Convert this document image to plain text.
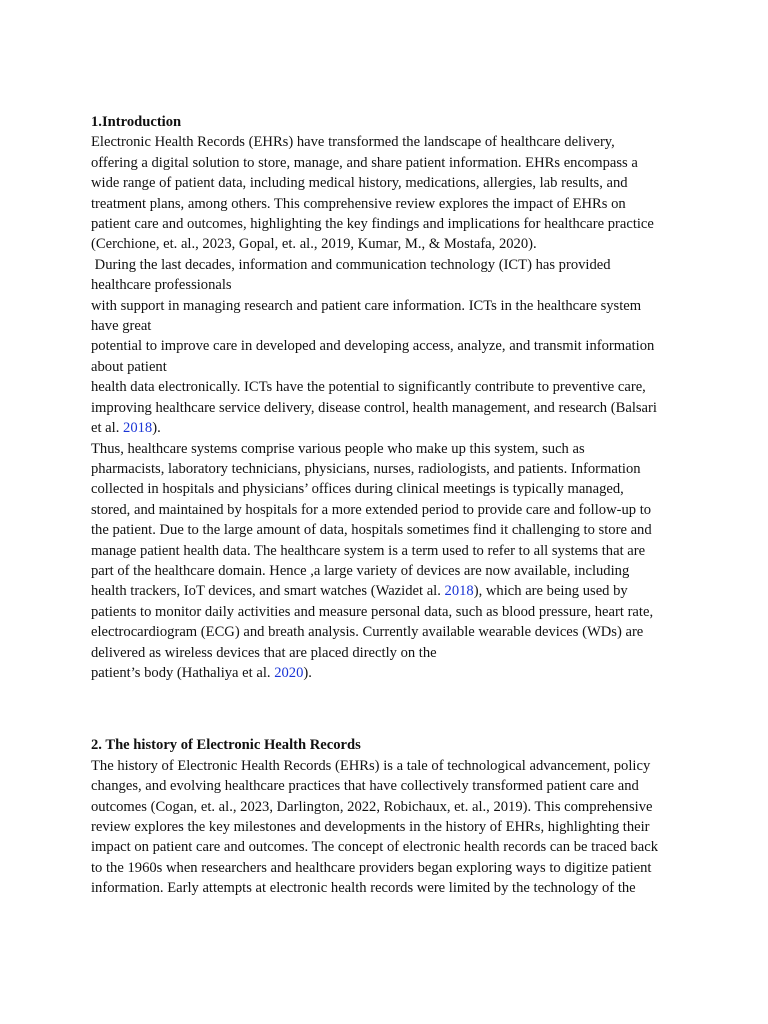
1.Introduction
Electronic Health Records (EHRs) have transformed the landscape of healthcare delivery,
offering a digital solution to store, manage, and share patient information. EHRs encompass a
wide range of patient data, including medical history, medications, allergies, lab results, and
treatment plans, among others. This comprehensive review explores the impact of EHRs on
patient care and outcomes, highlighting the key findings and implications for healthcare practice
(Cerchione, et. al., 2023, Gopal, et. al., 2019, Kumar, M., & Mostafa, 2020).
During the last decades, information and communication technology (ICT) has provided
healthcare professionals
with support in managing research and patient care information. ICTs in the healthcare system
have great
potential to improve care in developed and developing access, analyze, and transmit information
about patient
health data electronically. ICTs have the potential to significantly contribute to preventive care,
improving healthcare service delivery, disease control, health management, and research (Balsari
et al. 2018).
Thus, healthcare systems comprise various people who make up this system, such as
pharmacists, laboratory technicians, physicians, nurses, radiologists, and patients. Information
collected in hospitals and physicians’ offices during clinical meetings is typically managed,
stored, and maintained by hospitals for a more extended period to provide care and follow-up to
the patient. Due to the large amount of data, hospitals sometimes find it challenging to store and
manage patient health data. The healthcare system is a term used to refer to all systems that are
part of the healthcare domain. Hence ,a large variety of devices are now available, including
health trackers, IoT devices, and smart watches (Wazidet al. 2018), which are being used by
patients to monitor daily activities and measure personal data, such as blood pressure, heart rate,
electrocardiogram (ECG) and breath analysis. Currently available wearable devices (WDs) are
delivered as wireless devices that are placed directly on the
patient’s body (Hathaliya et al. 2020).
2. The history of Electronic Health Records
The history of Electronic Health Records (EHRs) is a tale of technological advancement, policy
changes, and evolving healthcare practices that have collectively transformed patient care and
outcomes (Cogan, et. al., 2023, Darlington, 2022, Robichaux, et. al., 2019). This comprehensive
review explores the key milestones and developments in the history of EHRs, highlighting their
impact on patient care and outcomes. The concept of electronic health records can be traced back
to the 1960s when researchers and healthcare providers began exploring ways to digitize patient
information. Early attempts at electronic health records were limited by the technology of the
